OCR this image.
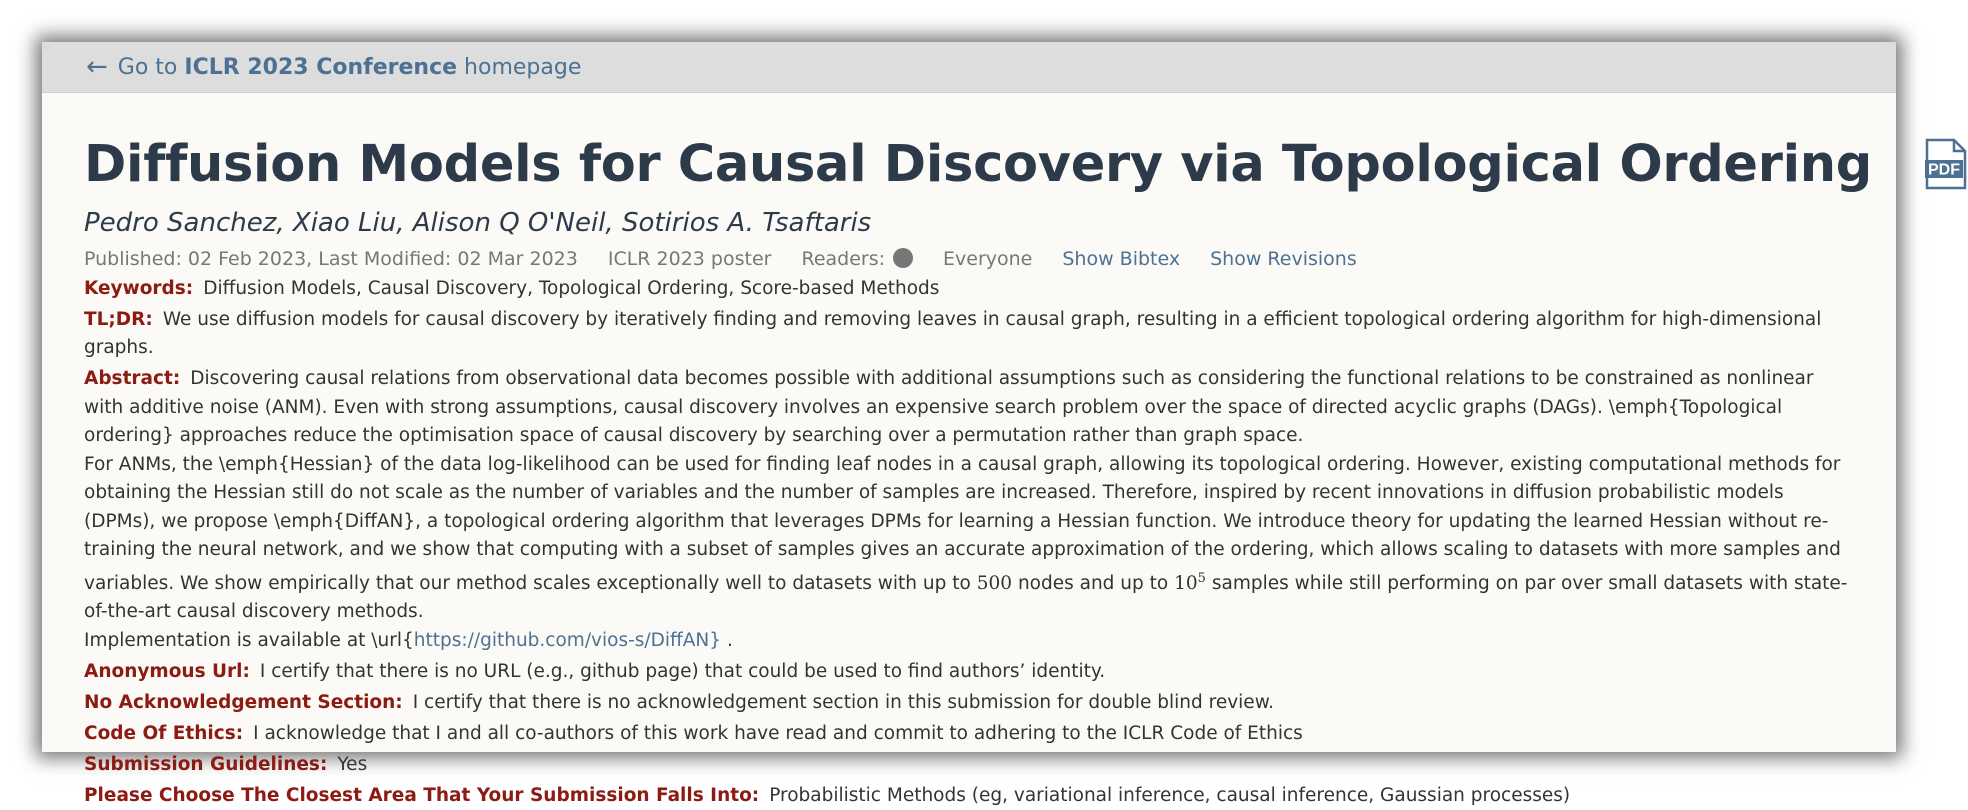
← Go to
ICLR 2023 Conference
homepage
Diffusion Models for Causal Discovery via Topological Ordering	PDF
Pedro Sanchez, Xiao Liu, Alison Q O'Neil, Sotirios A. Tsaftaris
Published: 02 Feb 2023, Last Modified: 02 Mar 2023 ICLR 2023 poster Readers:	Everyone Show Bibtex Show Revisions
Keywords: Diffusion Models, Causal Discovery, Topological Ordering, Score-based Methods
TL;DR: We use diffusion models for causal discovery by iteratively finding and removing leaves in causal graph, resulting in a efficient topological ordering algorithm for high-dimensional graphs.
Abstract: Discovering causal relations from observational data becomes possible with additional assumptions such as considering the functional relations to be constrained as nonlinear with additive noise (ANM). Even with strong assumptions, causal discovery involves an expensive search problem over the space of directed acyclic graphs (DAGs). \emph{Topological ordering} approaches reduce the optimisation space of causal discovery by searching over a permutation rather than graph space.
For ANMs, the \emph{Hessian} of the data log-likelihood can be used for finding leaf nodes in a causal graph, allowing its topological ordering. However, existing computational methods for obtaining the Hessian still do not scale as the number of variables and the number of samples are increased. Therefore, inspired by recent innovations in diffusion probabilistic models (DPMs), we propose \emph{DiffAN}, a topological ordering algorithm that leverages DPMs for learning a Hessian function. We introduce theory for updating the learned Hessian without re-training the neural network, and we show that computing with a subset of samples gives an accurate approximation of the ordering, which allows scaling to datasets with more samples and variables. We show empirically that our method scales exceptionally well to datasets with up to 500 nodes and up to $10^5$ samples while still performing on par over small datasets with state-of-the-art causal discovery methods.
Implementation is available at \url{https://github.com/vios-s/DiffAN} .
Anonymous Url: I certify that there is no URL (e.g., github page) that could be used to find authors’ identity.
No Acknowledgement Section: I certify that there is no acknowledgement section in this submission for double blind review.
Code Of Ethics: I acknowledge that I and all co-authors of this work have read and commit to adhering to the ICLR Code of Ethics
Submission Guidelines: Yes
Please Choose The Closest Area That Your Submission Falls Into: Probabilistic Methods (eg, variational inference, causal inference, Gaussian processes)
